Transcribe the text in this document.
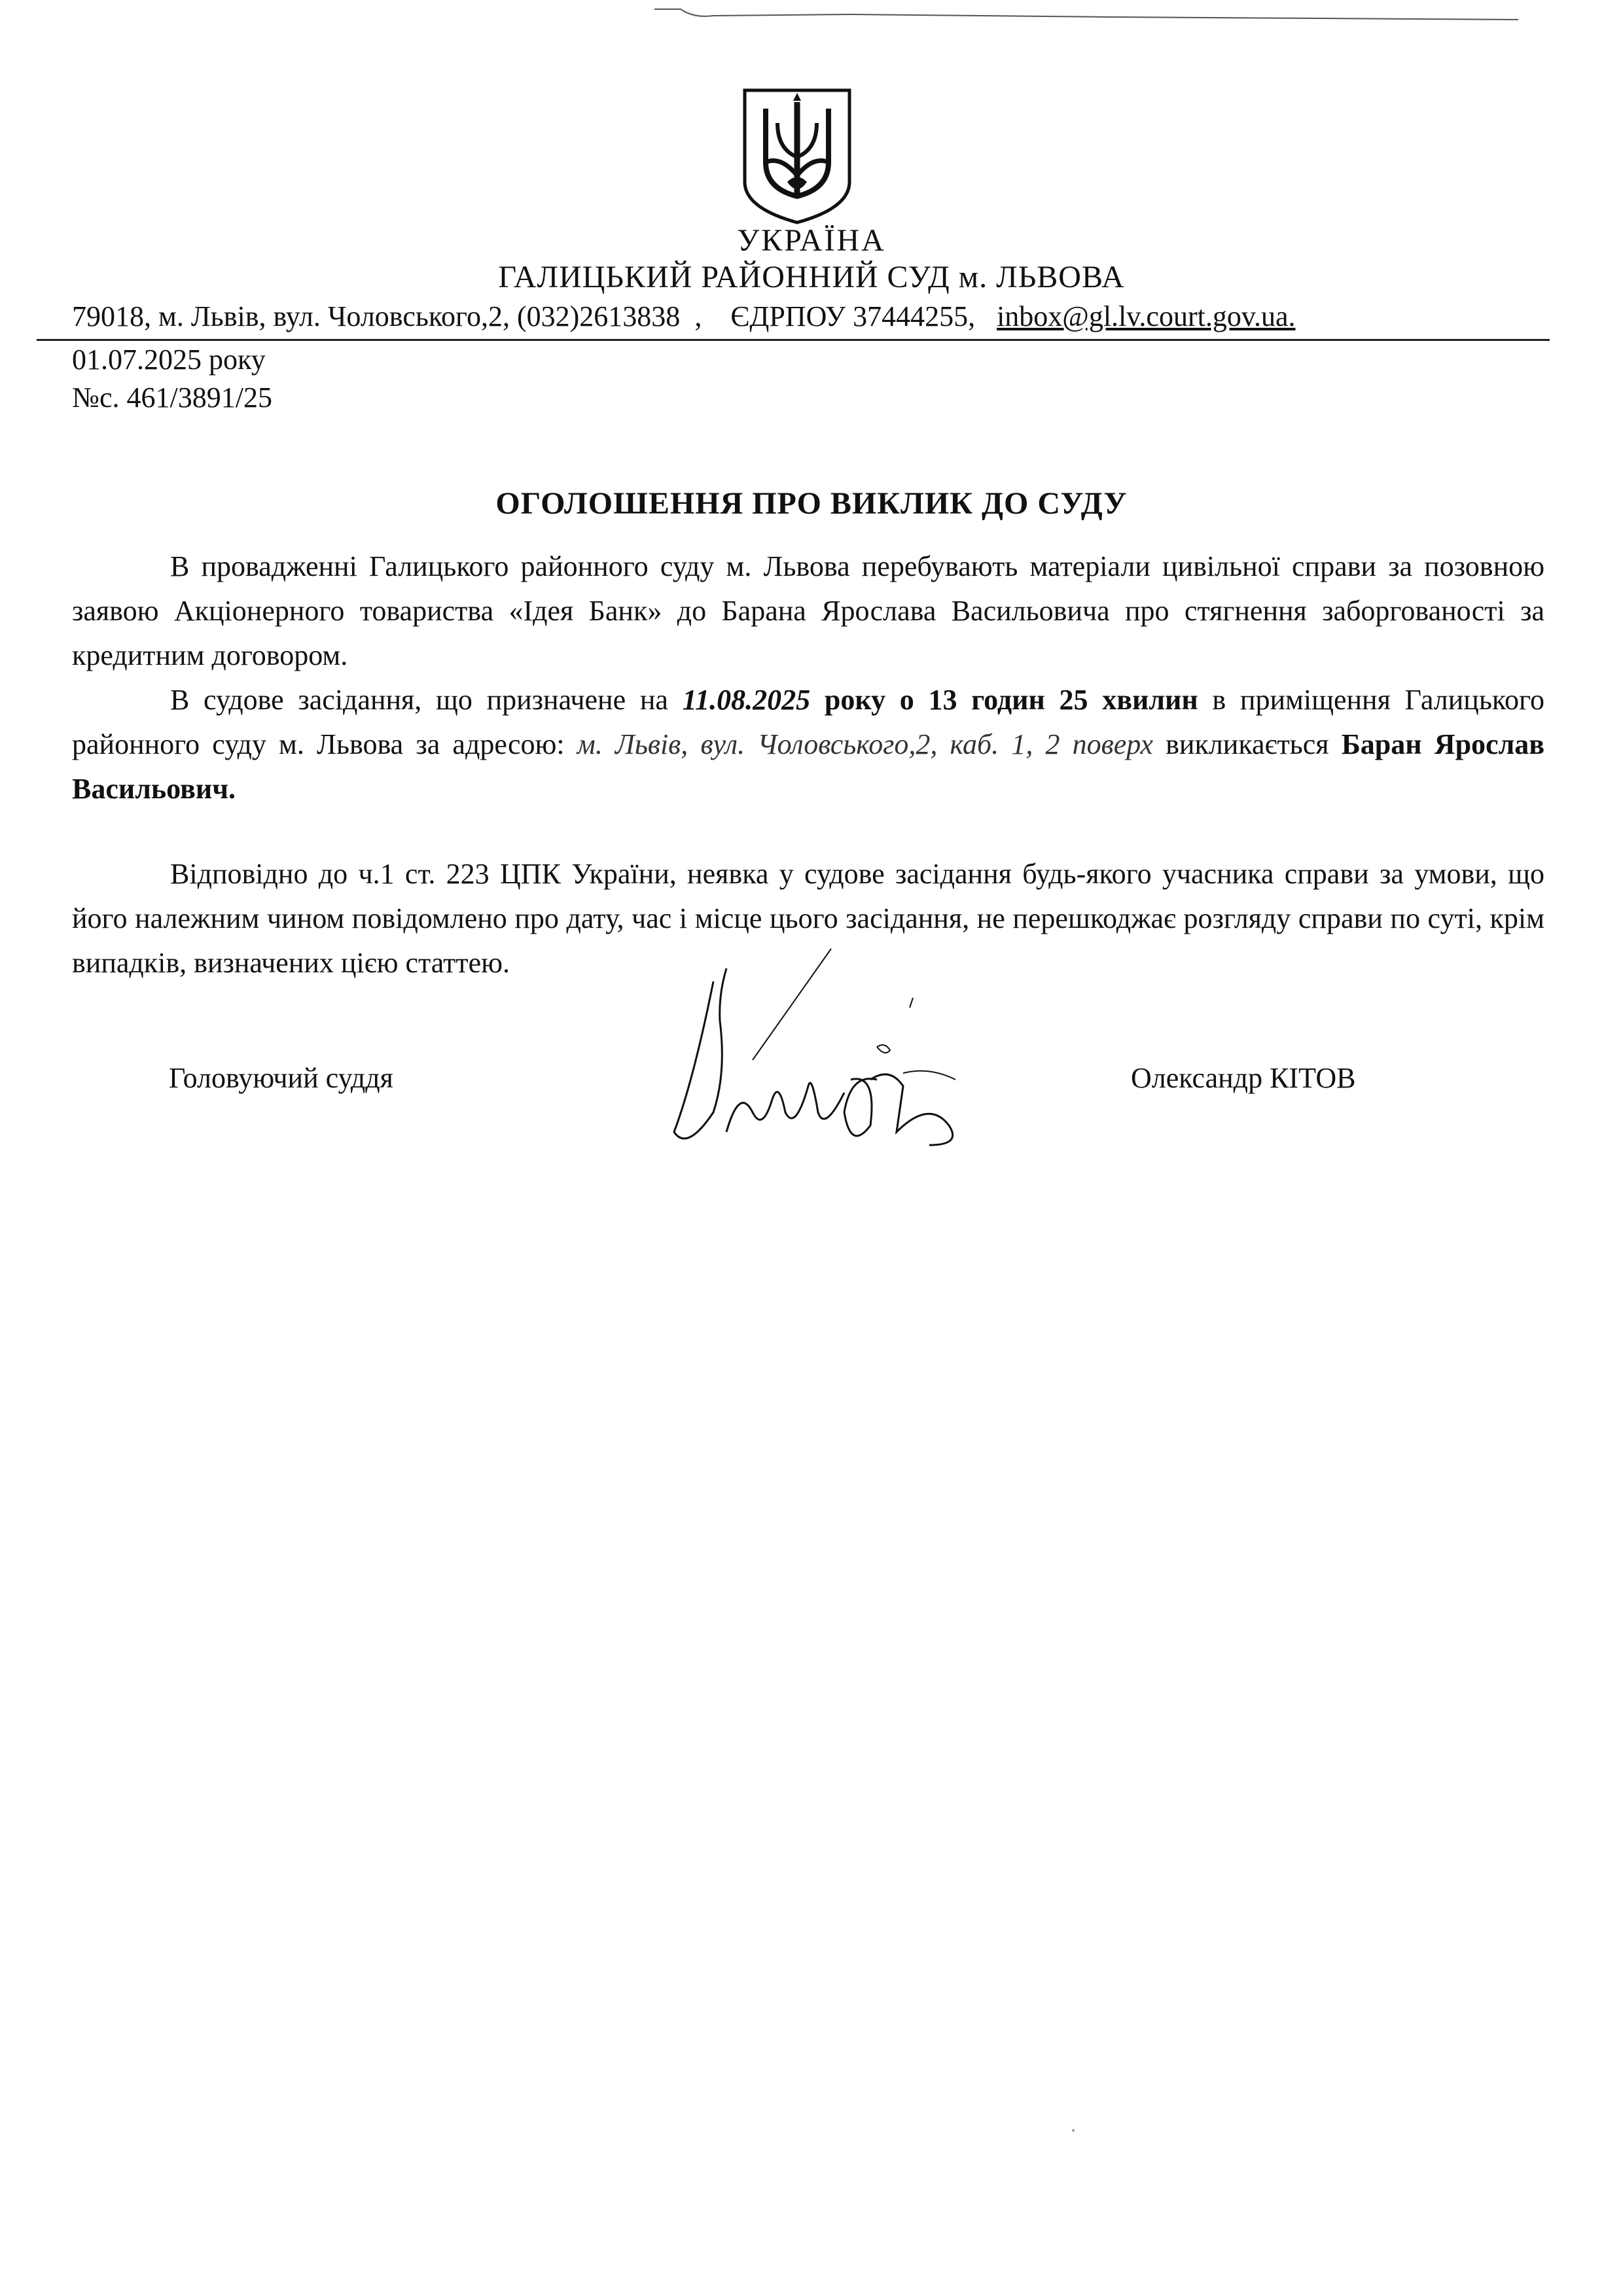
УКРАЇНА
ГАЛИЦЬКИЙ РАЙОННИЙ СУД м. ЛЬВОВА
79018, м. Львів, вул. Чоловського,2, (032)2613838  ,    ЄДРПОУ 37444255, inbox@gl.lv.court.gov.ua.
01.07.2025 року
№с. 461/3891/25
ОГОЛОШЕННЯ ПРО ВИКЛИК ДО СУДУ
В провадженні Галицького районного суду м. Львова перебувають матеріали цивільної справи за позовною заявою Акціонерного товариства «Ідея Банк» до Барана Ярослава Васильовича про стягнення заборгованості за кредитним договором.
В судове засідання, що призначене на 11.08.2025 року о 13 годин 25 хвилин в приміщення Галицького районного суду м. Львова за адресою: м. Львів, вул. Чоловського,2, каб. 1, 2 поверх викликається Баран Ярослав Васильович.
Відповідно до ч.1 ст. 223 ЦПК України, неявка у судове засідання будь-якого учасника справи за умови, що його належним чином повідомлено про дату, час і місце цього засідання, не перешкоджає розгляду справи по суті, крім випадків, визначених цією статтею.
Головуючий суддя	Олександр КІТОВ
